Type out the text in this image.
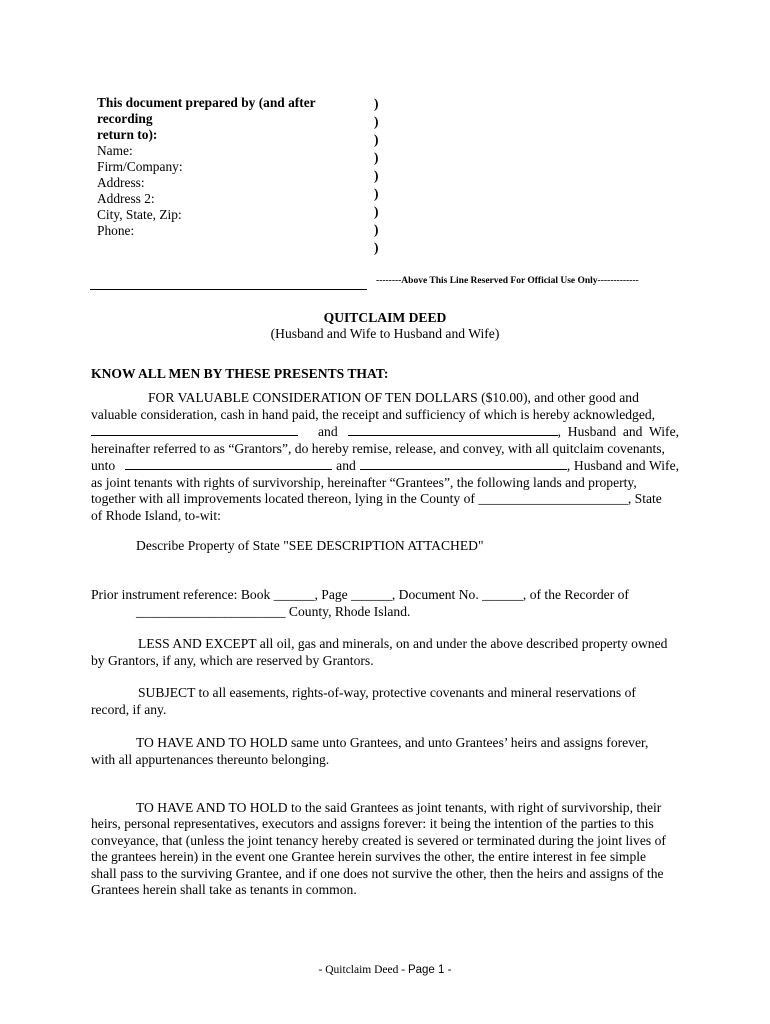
This document prepared by (and after recording
return to):
Name:
Firm/Company:
Address:
Address 2:
City, State, Zip:
Phone:
)
)
)
)
)
)
)
)
)
--------Above This Line Reserved For Official Use Only-------------
QUITCLAIM DEED
(Husband and Wife to Husband and Wife)
KNOW ALL MEN BY THESE PRESENTS THAT:
FOR VALUABLE CONSIDERATION OF TEN DOLLARS ($10.00), and other good and
valuable consideration, cash in hand paid, the receipt and sufficiency of which is hereby acknowledged,
and	, Husband and Wife,
hereinafter referred to as “Grantors”, do hereby remise, release, and convey, with all quitclaim covenants,
unto	and	, Husband and Wife,
as joint tenants with rights of survivorship, hereinafter “Grantees”, the following lands and property,
together with all improvements located thereon, lying in the County of ______________________, State
of Rhode Island, to-wit:
Describe Property of State "SEE DESCRIPTION ATTACHED"
Prior instrument reference: Book ______, Page ______, Document No. ______, of the Recorder of
______________________ County, Rhode Island.
LESS AND EXCEPT all oil, gas and minerals, on and under the above described property owned
by Grantors, if any, which are reserved by Grantors.
SUBJECT to all easements, rights-of-way, protective covenants and mineral reservations of
record, if any.
TO HAVE AND TO HOLD same unto Grantees, and unto Grantees’ heirs and assigns forever,
with all appurtenances thereunto belonging.
TO HAVE AND TO HOLD to the said Grantees as joint tenants, with right of survivorship, their
heirs, personal representatives, executors and assigns forever: it being the intention of the parties to this
conveyance, that (unless the joint tenancy hereby created is severed or terminated during the joint lives of
the grantees herein) in the event one Grantee herein survives the other, the entire interest in fee simple
shall pass to the surviving Grantee, and if one does not survive the other, then the heirs and assigns of the
Grantees herein shall take as tenants in common.
- Quitclaim Deed - Page 1 -
